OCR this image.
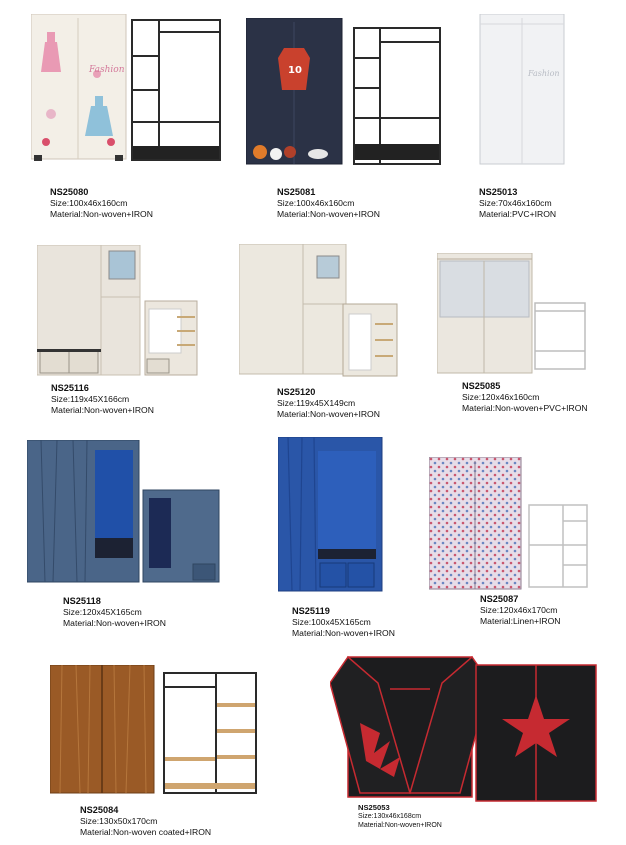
Fashion
NS25080
Size:100x46x160cm
Material:Non-woven+IRON
10
NS25081
Size:100x46x160cm
Material:Non-woven+IRON
Fashion
NS25013
Size:70x46x160cm
Material:PVC+IRON
NS25116
Size:119x45X166cm
Material:Non-woven+IRON
NS25120
Size:119x45X149cm
Material:Non-woven+IRON
NS25085
Size:120x46x160cm
Material:Non-woven+PVC+IRON
NS25118
Size:120x45X165cm
Material:Non-woven+IRON
NS25119
Size:100x45X165cm
Material:Non-woven+IRON
NS25087
Size:120x46x170cm
Material:Linen+IRON
NS25084
Size:130x50x170cm
Material:Non-woven coated+IRON
NS25053
Size:130x46x168cm
Material:Non-woven+IRON
